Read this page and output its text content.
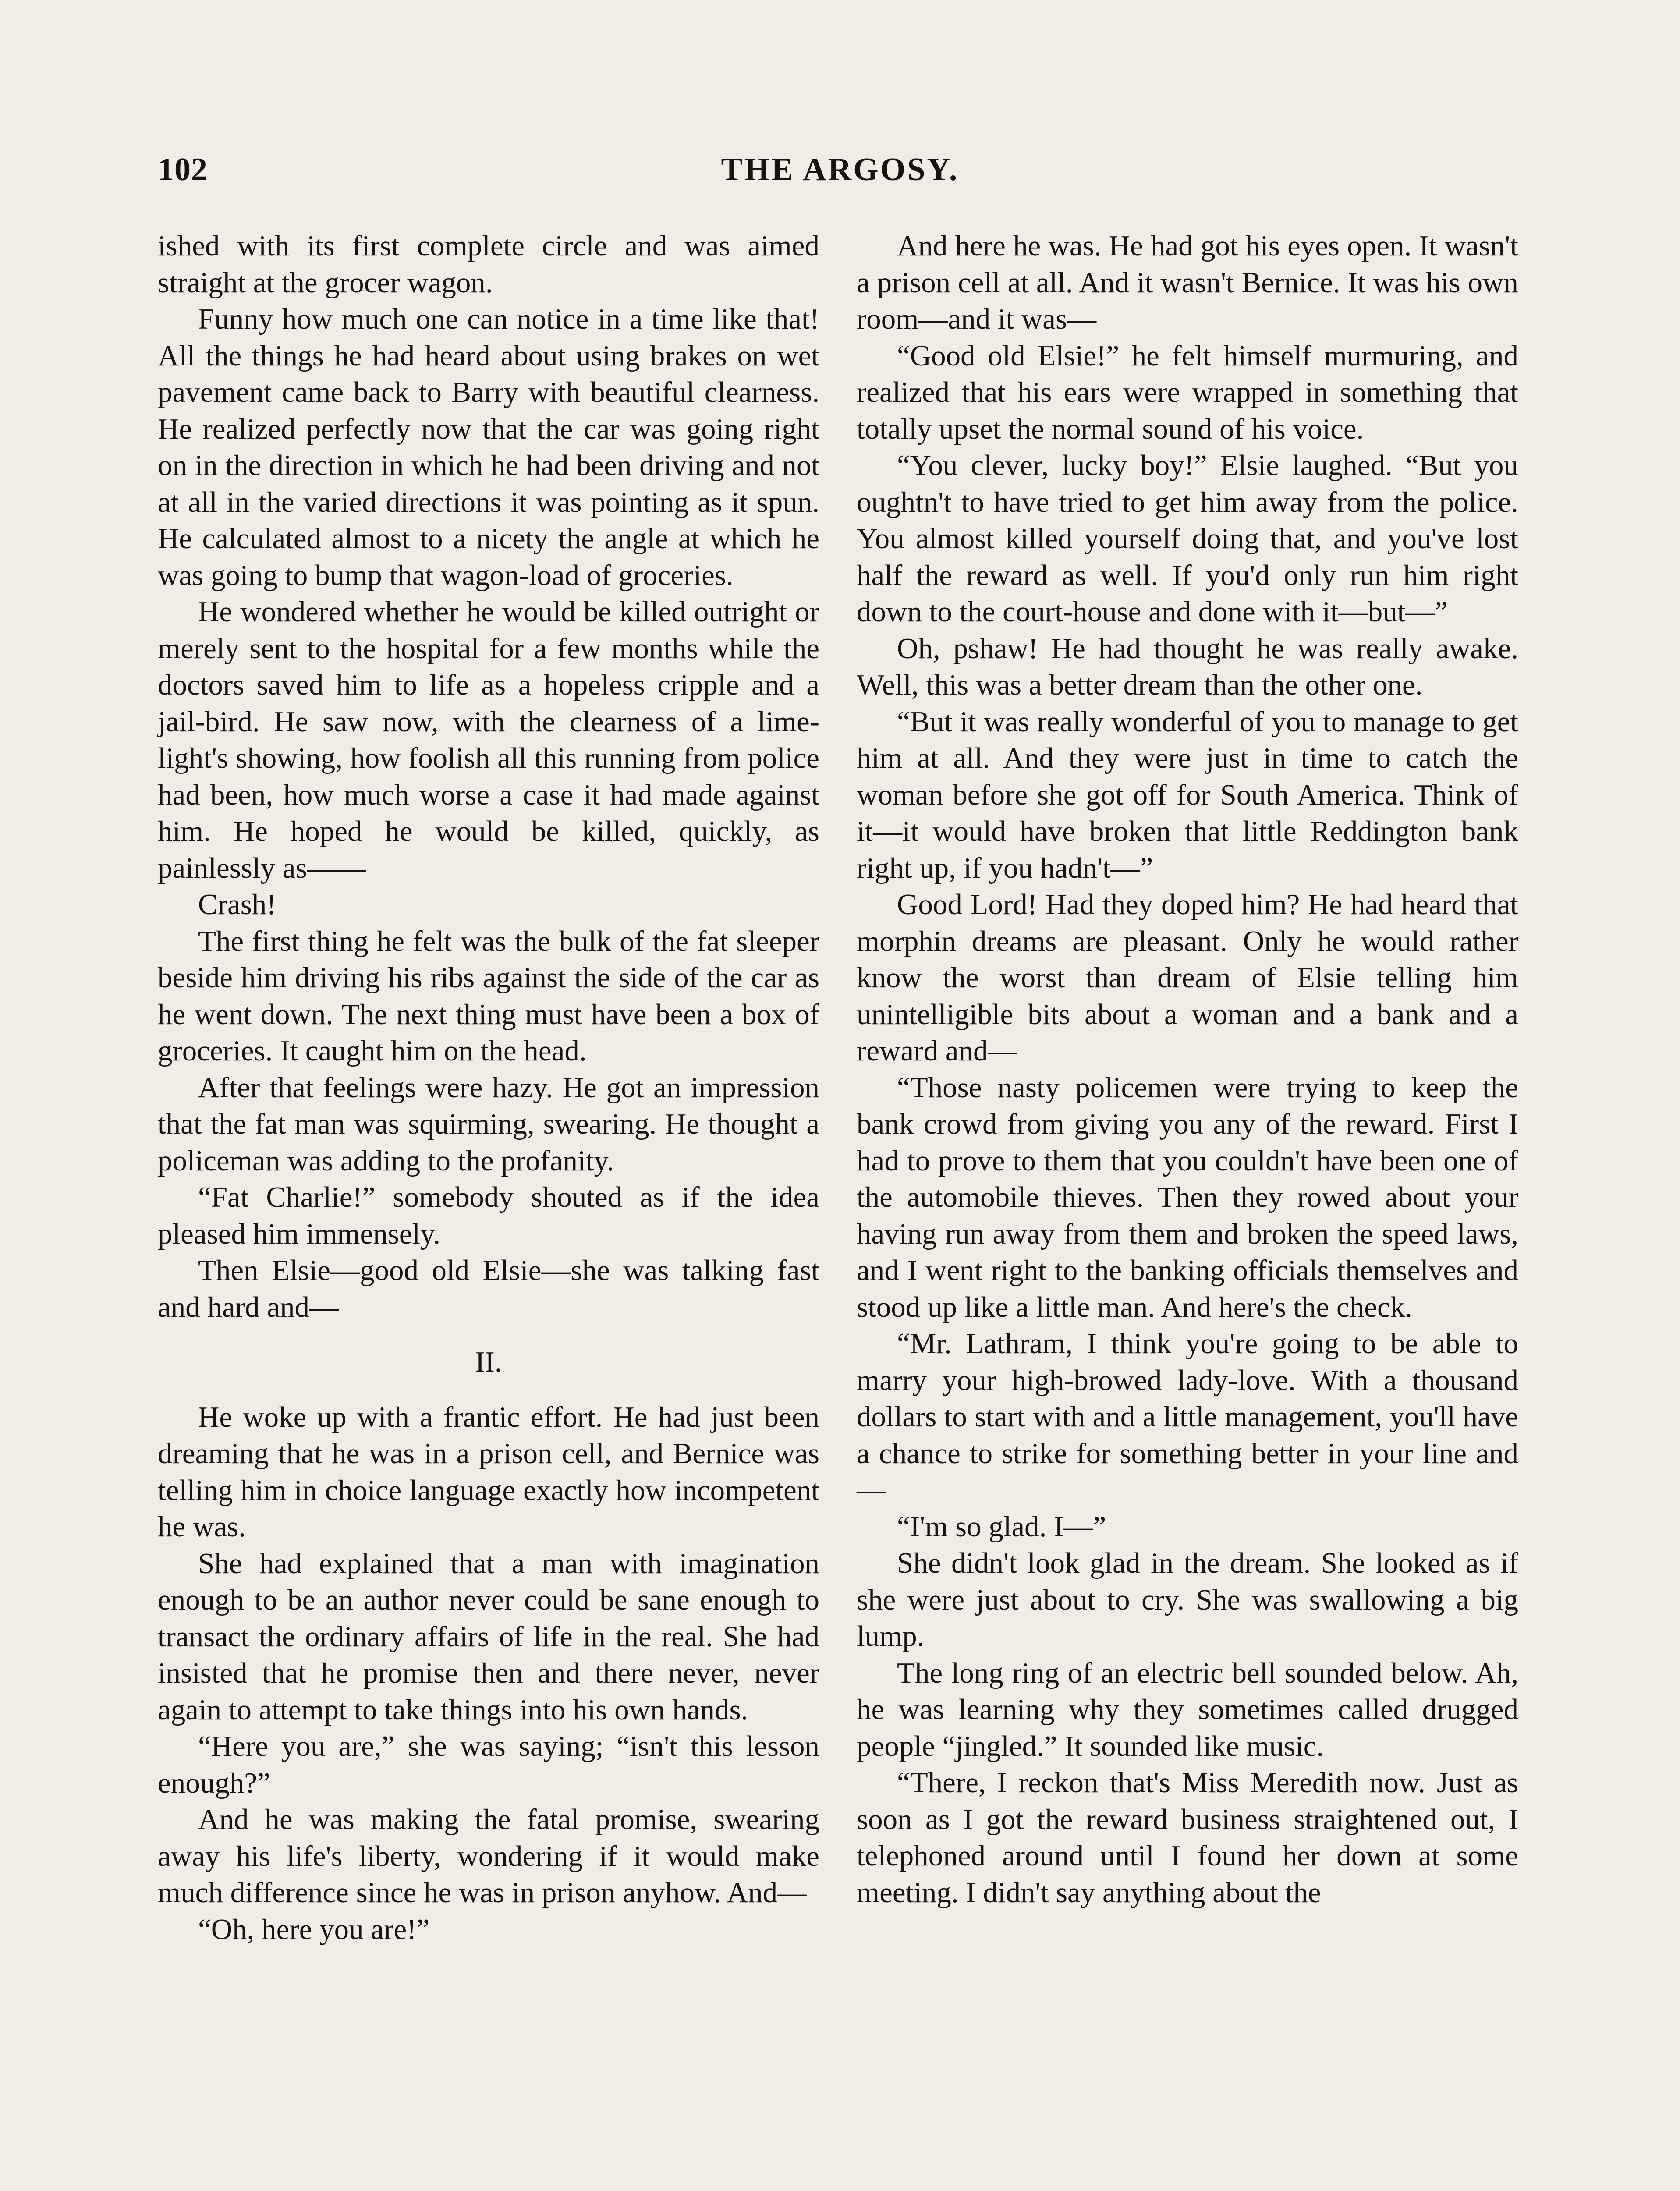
102	THE ARGOSY.

ished with its first complete circle and was aimed straight at the grocer wagon.

Funny how much one can notice in a time like that! All the things he had heard about using brakes on wet pavement came back to Barry with beautiful clearness. He realized perfectly now that the car was going right on in the direction in which he had been driving and not at all in the varied directions it was pointing as it spun. He calculated almost to a nicety the angle at which he was going to bump that wagon-load of groceries.

He wondered whether he would be killed outright or merely sent to the hospital for a few months while the doctors saved him to life as a hopeless cripple and a jail-bird. He saw now, with the clearness of a lime-light's showing, how foolish all this running from police had been, how much worse a case it had made against him. He hoped he would be killed, quickly, as painlessly as——

Crash!

The first thing he felt was the bulk of the fat sleeper beside him driving his ribs against the side of the car as he went down. The next thing must have been a box of groceries. It caught him on the head.

After that feelings were hazy. He got an impression that the fat man was squirming, swearing. He thought a policeman was adding to the profanity.

“Fat Charlie!” somebody shouted as if the idea pleased him immensely.

Then Elsie—good old Elsie—she was talking fast and hard and—

II.

He woke up with a frantic effort. He had just been dreaming that he was in a prison cell, and Bernice was telling him in choice language exactly how incompetent he was.

She had explained that a man with imagination enough to be an author never could be sane enough to transact the ordinary affairs of life in the real. She had insisted that he promise then and there never, never again to attempt to take things into his own hands.

“Here you are,” she was saying; “isn't this lesson enough?”

And he was making the fatal promise, swearing away his life's liberty, wondering if it would make much difference since he was in prison anyhow. And—

“Oh, here you are!”

And here he was. He had got his eyes open. It wasn't a prison cell at all. And it wasn't Bernice. It was his own room—and it was—

“Good old Elsie!” he felt himself murmuring, and realized that his ears were wrapped in something that totally upset the normal sound of his voice.

“You clever, lucky boy!” Elsie laughed. “But you oughtn't to have tried to get him away from the police. You almost killed yourself doing that, and you've lost half the reward as well. If you'd only run him right down to the court-house and done with it—but—”

Oh, pshaw! He had thought he was really awake. Well, this was a better dream than the other one.

“But it was really wonderful of you to manage to get him at all. And they were just in time to catch the woman before she got off for South America. Think of it—it would have broken that little Reddington bank right up, if you hadn't—”

Good Lord! Had they doped him? He had heard that morphin dreams are pleasant. Only he would rather know the worst than dream of Elsie telling him unintelligible bits about a woman and a bank and a reward and—

“Those nasty policemen were trying to keep the bank crowd from giving you any of the reward. First I had to prove to them that you couldn't have been one of the automobile thieves. Then they rowed about your having run away from them and broken the speed laws, and I went right to the banking officials themselves and stood up like a little man. And here's the check.

“Mr. Lathram, I think you're going to be able to marry your high-browed lady-love. With a thousand dollars to start with and a little management, you'll have a chance to strike for something better in your line and—

“I'm so glad. I—”

She didn't look glad in the dream. She looked as if she were just about to cry. She was swallowing a big lump.

The long ring of an electric bell sounded below. Ah, he was learning why they sometimes called drugged people “jingled.” It sounded like music.

“There, I reckon that's Miss Meredith now. Just as soon as I got the reward business straightened out, I telephoned around until I found her down at some meeting. I didn't say anything about the
